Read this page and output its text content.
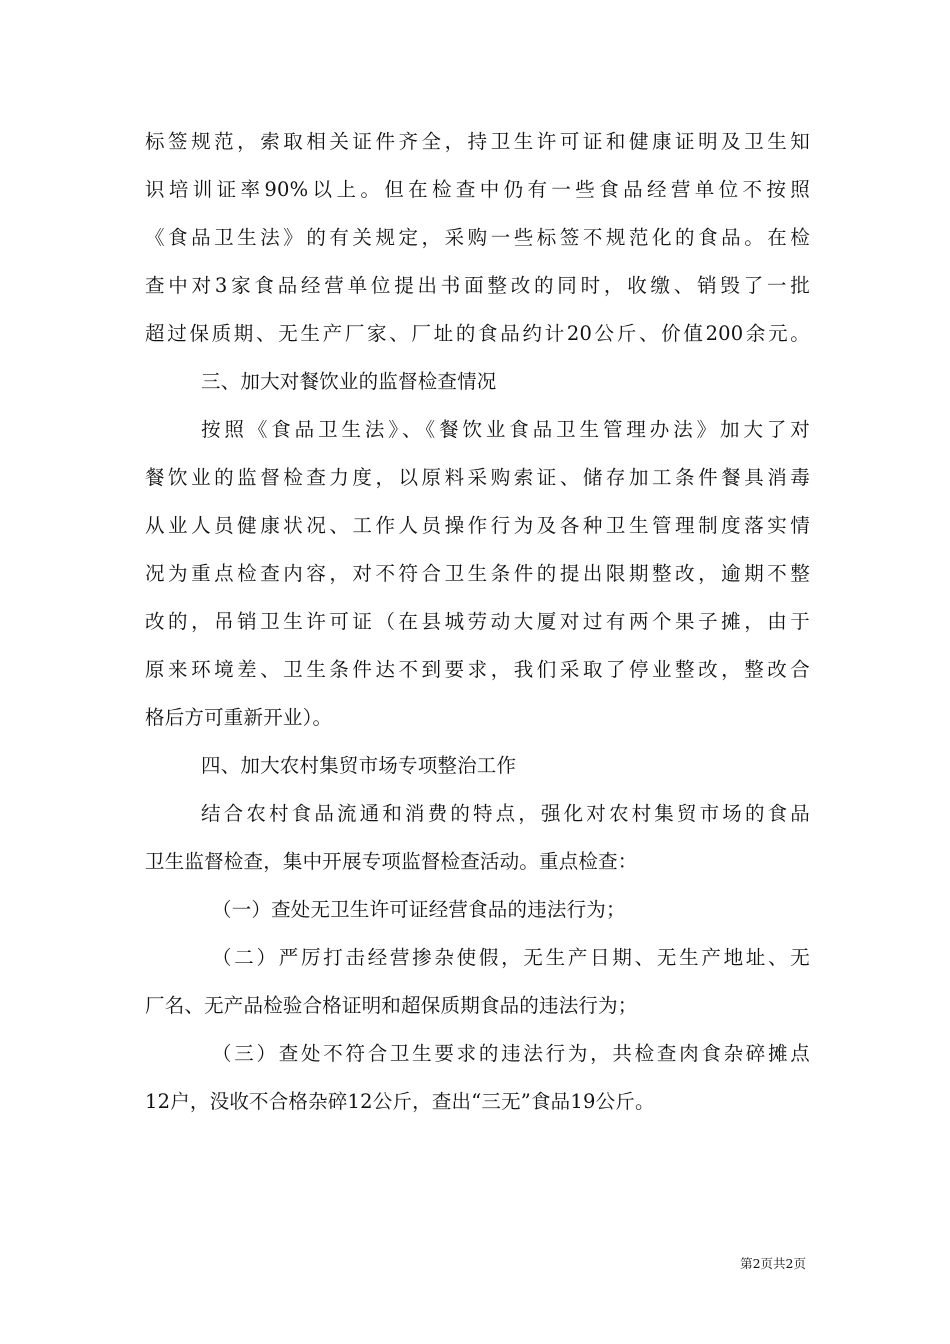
标签规范，索取相关证件齐全，持卫生许可证和健康证明及卫生知
识培训证率90%以上。但在检查中仍有一些食品经营单位不按照
《食品卫生法》的有关规定，采购一些标签不规范化的食品。在检
查中对3家食品经营单位提出书面整改的同时，收缴、销毁了一批
超过保质期、无生产厂家、厂址的食品约计20公斤、价值200余元。
三、加大对餐饮业的监督检查情况
按照《食品卫生法》、《餐饮业食品卫生管理办法》加大了对
餐饮业的监督检查力度，以原料采购索证、储存加工条件餐具消毒
从业人员健康状况、工作人员操作行为及各种卫生管理制度落实情
况为重点检查内容，对不符合卫生条件的提出限期整改，逾期不整
改的，吊销卫生许可证（在县城劳动大厦对过有两个果子摊，由于
原来环境差、卫生条件达不到要求，我们采取了停业整改，整改合
格后方可重新开业）。
四、加大农村集贸市场专项整治工作
结合农村食品流通和消费的特点，强化对农村集贸市场的食品
卫生监督检查，集中开展专项监督检查活动。重点检查：
（一）查处无卫生许可证经营食品的违法行为；
（二）严厉打击经营掺杂使假，无生产日期、无生产地址、无
厂名、无产品检验合格证明和超保质期食品的违法行为；
（三）查处不符合卫生要求的违法行为，共检查肉食杂碎摊点
12户，没收不合格杂碎12公斤，查出“三无”食品19公斤。
第2页共2页
